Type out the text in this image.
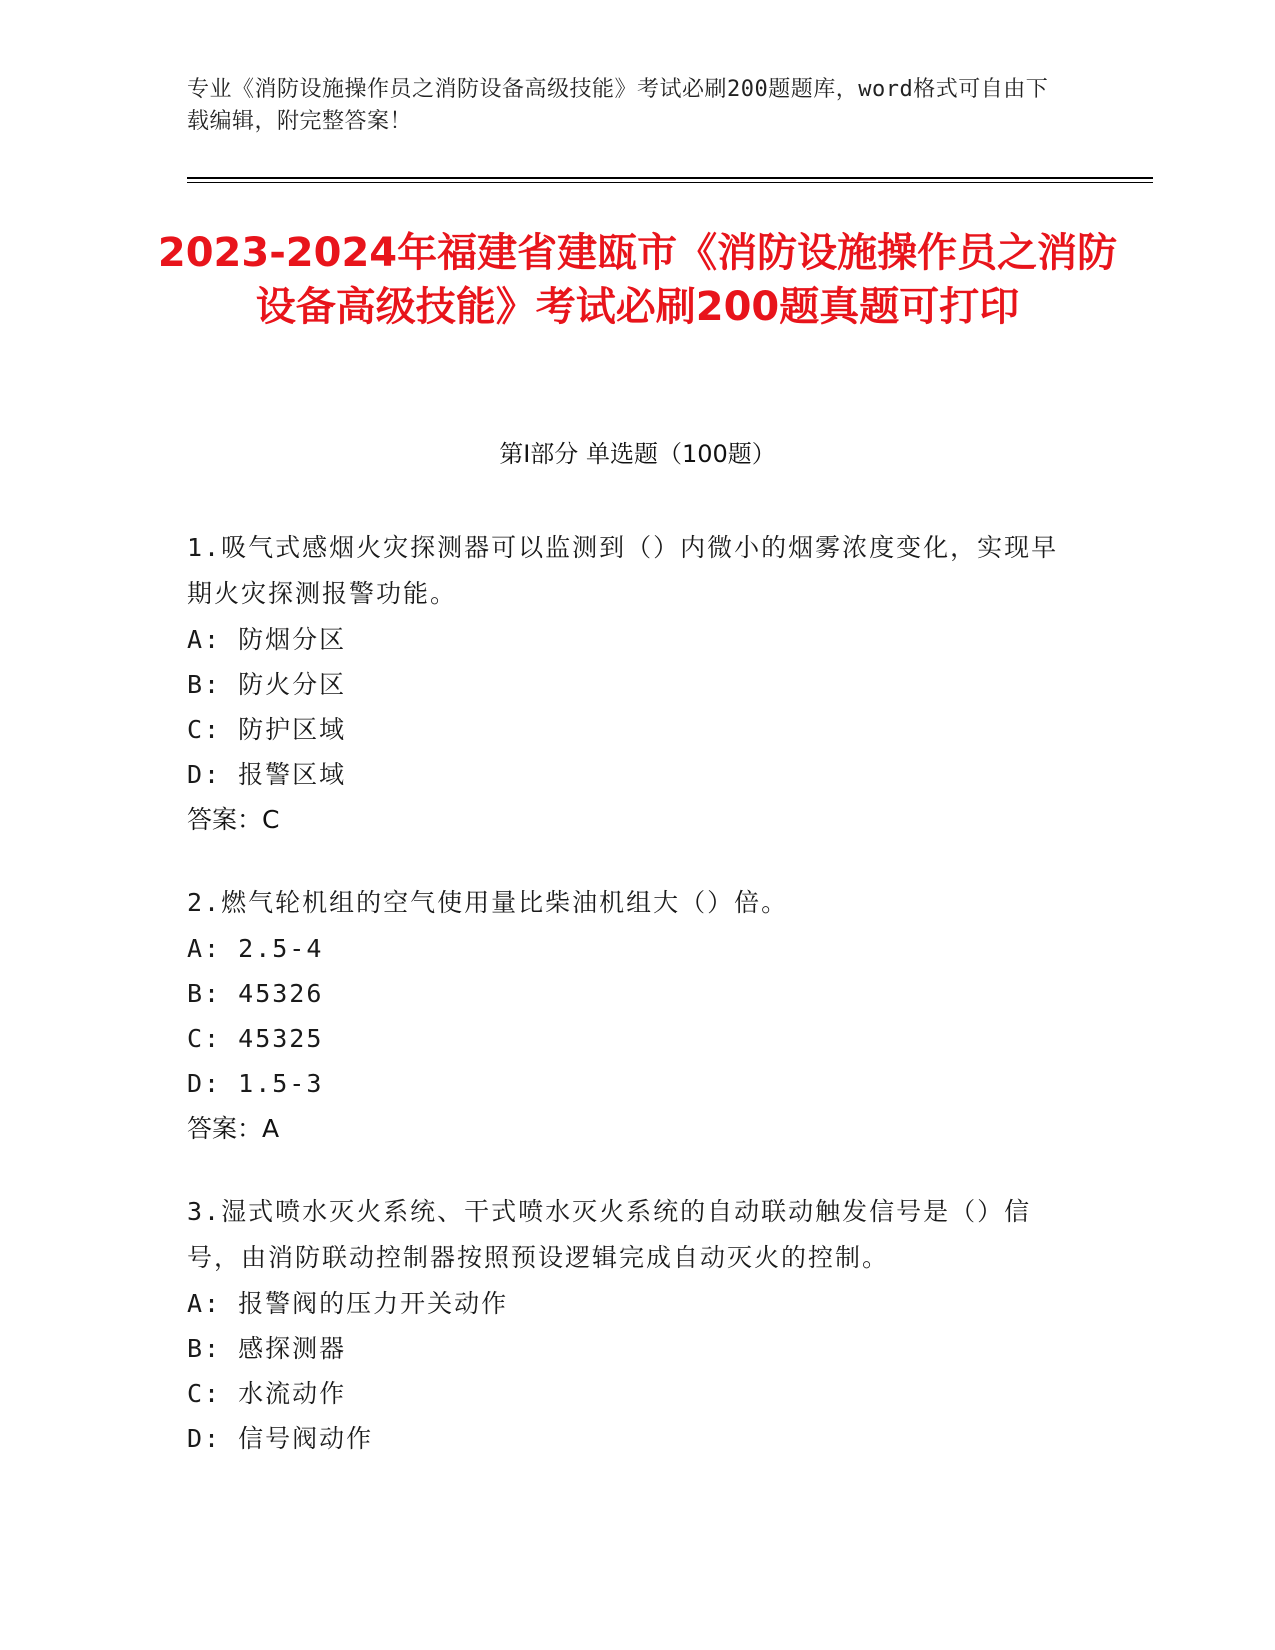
专业《消防设施操作员之消防设备高级技能》考试必刷200题题库，word格式可自由下载编辑，附完整答案！
2023-2024年福建省建瓯市《消防设施操作员之消防设备高级技能》考试必刷200题真题可打印
第Ⅰ部分 单选题（100题）
1.吸气式感烟火灾探测器可以监测到（）内微小的烟雾浓度变化，实现早期火灾探测报警功能。
A: 防烟分区
B: 防火分区
C: 防护区域
D: 报警区域
答案：C
2.燃气轮机组的空气使用量比柴油机组大（）倍。
A: 2.5-4
B: 45326
C: 45325
D: 1.5-3
答案：A
3.湿式喷水灭火系统、干式喷水灭火系统的自动联动触发信号是（）信号，由消防联动控制器按照预设逻辑完成自动灭火的控制。
A: 报警阀的压力开关动作
B: 感探测器
C: 水流动作
D: 信号阀动作
